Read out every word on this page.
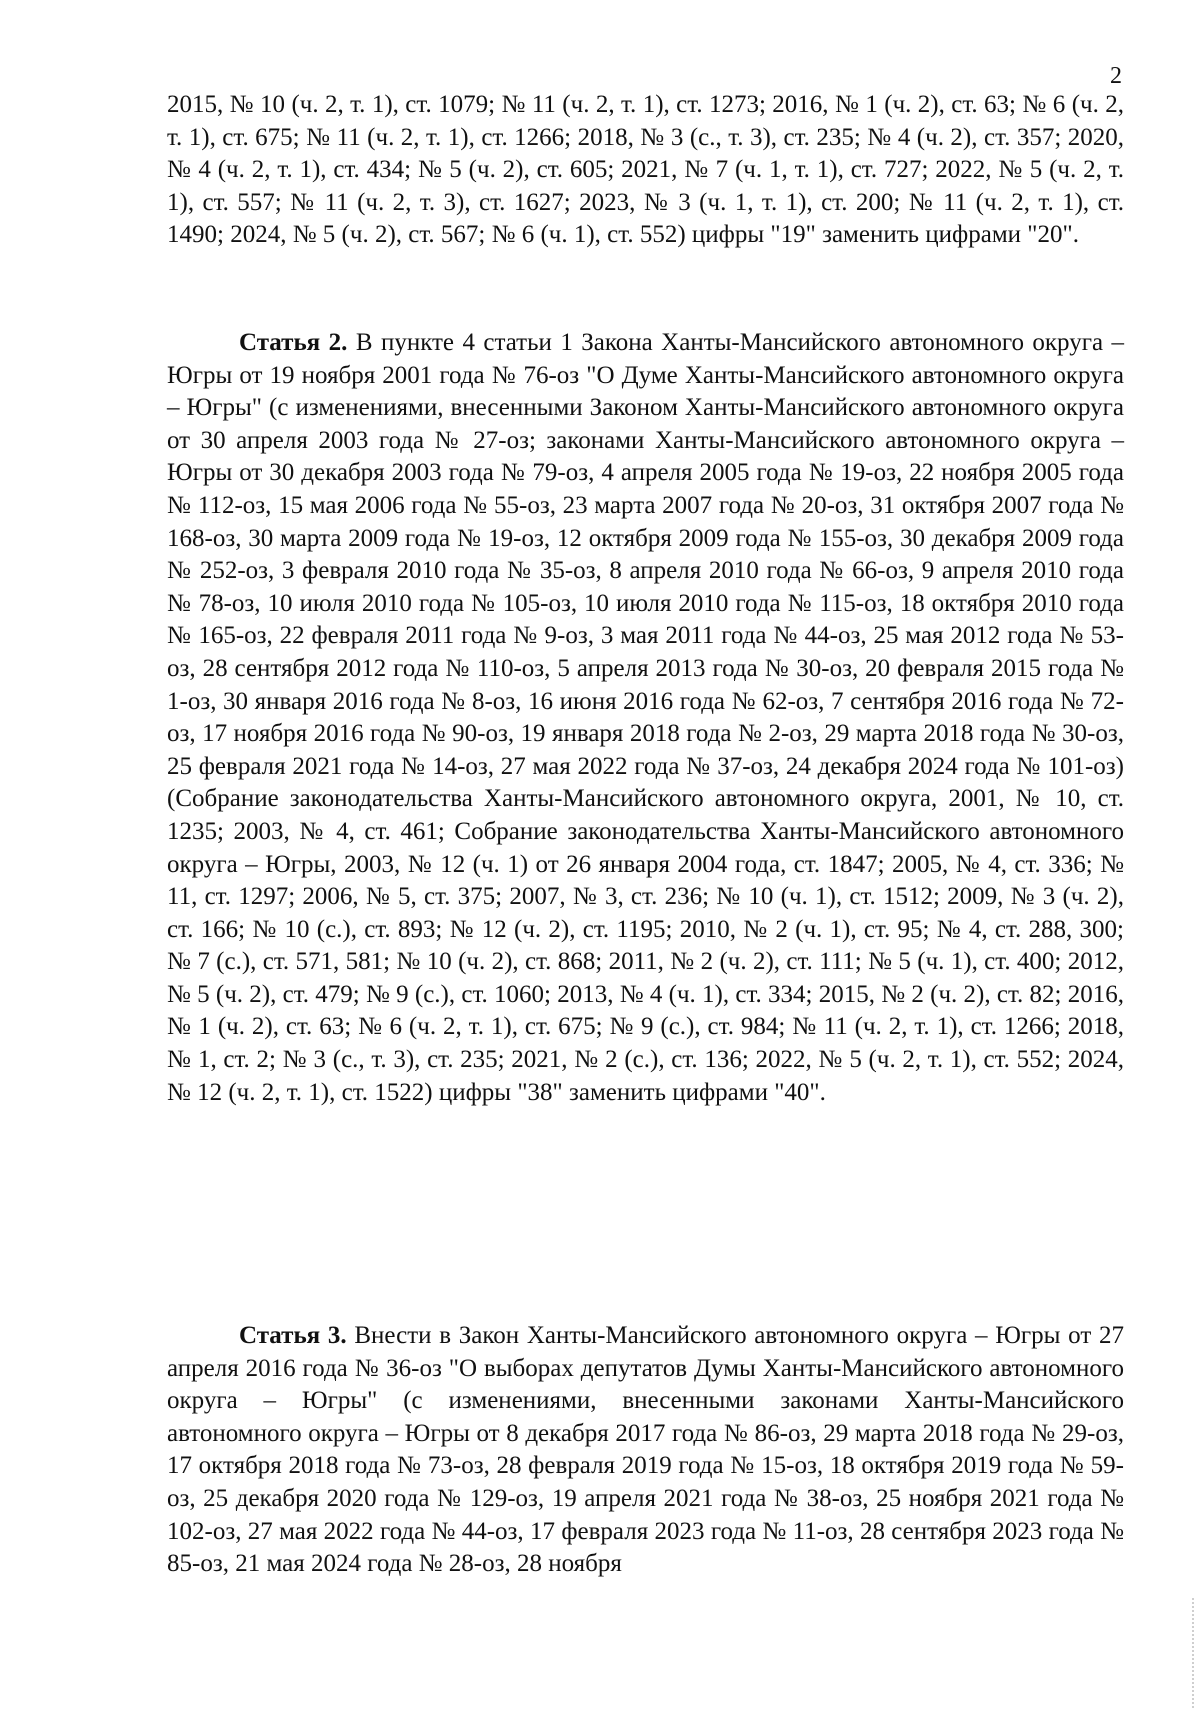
2

2015, № 10 (ч. 2, т. 1), ст. 1079; № 11 (ч. 2, т. 1), ст. 1273; 2016, № 1 (ч. 2), ст. 63; № 6 (ч. 2, т. 1), ст. 675; № 11 (ч. 2, т. 1), ст. 1266; 2018, № 3 (с., т. 3), ст. 235; № 4 (ч. 2), ст. 357; 2020, № 4 (ч. 2, т. 1), ст. 434; № 5 (ч. 2), ст. 605; 2021, № 7 (ч. 1, т. 1), ст. 727; 2022, № 5 (ч. 2, т. 1), ст. 557; № 11 (ч. 2, т. 3), ст. 1627; 2023, № 3 (ч. 1, т. 1), ст. 200; № 11 (ч. 2, т. 1), ст. 1490; 2024, № 5 (ч. 2), ст. 567; № 6 (ч. 1), ст. 552) цифры "19" заменить цифрами "20".

Статья 2. В пункте 4 статьи 1 Закона Ханты-Мансийского автономного округа – Югры от 19 ноября 2001 года № 76-оз "О Думе Ханты-Мансийского автономного округа – Югры" (с изменениями, внесенными Законом Ханты-Мансийского автономного округа от 30 апреля 2003 года № 27-оз; законами Ханты-Мансийского автономного округа – Югры от 30 декабря 2003 года № 79-оз, 4 апреля 2005 года № 19-оз, 22 ноября 2005 года № 112-оз, 15 мая 2006 года № 55-оз, 23 марта 2007 года № 20-оз, 31 октября 2007 года № 168-оз, 30 марта 2009 года № 19-оз, 12 октября 2009 года № 155-оз, 30 декабря 2009 года № 252-оз, 3 февраля 2010 года № 35-оз, 8 апреля 2010 года № 66-оз, 9 апреля 2010 года № 78-оз, 10 июля 2010 года № 105-оз, 10 июля 2010 года № 115-оз, 18 октября 2010 года № 165-оз, 22 февраля 2011 года № 9-оз, 3 мая 2011 года № 44-оз, 25 мая 2012 года № 53-оз, 28 сентября 2012 года № 110-оз, 5 апреля 2013 года № 30-оз, 20 февраля 2015 года № 1-оз, 30 января 2016 года № 8-оз, 16 июня 2016 года № 62-оз, 7 сентября 2016 года № 72-оз, 17 ноября 2016 года № 90-оз, 19 января 2018 года № 2-оз, 29 марта 2018 года № 30-оз, 25 февраля 2021 года № 14-оз, 27 мая 2022 года № 37-оз, 24 декабря 2024 года № 101-оз) (Собрание законодательства Ханты-Мансийского автономного округа, 2001, № 10, ст. 1235; 2003, № 4, ст. 461; Собрание законодательства Ханты-Мансийского автономного округа – Югры, 2003, № 12 (ч. 1) от 26 января 2004 года, ст. 1847; 2005, № 4, ст. 336; № 11, ст. 1297; 2006, № 5, ст. 375; 2007, № 3, ст. 236; № 10 (ч. 1), ст. 1512; 2009, № 3 (ч. 2), ст. 166; № 10 (с.), ст. 893; № 12 (ч. 2), ст. 1195; 2010, № 2 (ч. 1), ст. 95; № 4, ст. 288, 300; № 7 (с.), ст. 571, 581; № 10 (ч. 2), ст. 868; 2011, № 2 (ч. 2), ст. 111; № 5 (ч. 1), ст. 400; 2012, № 5 (ч. 2), ст. 479; № 9 (с.), ст. 1060; 2013, № 4 (ч. 1), ст. 334; 2015, № 2 (ч. 2), ст. 82; 2016, № 1 (ч. 2), ст. 63; № 6 (ч. 2, т. 1), ст. 675; № 9 (с.), ст. 984; № 11 (ч. 2, т. 1), ст. 1266; 2018, № 1, ст. 2; № 3 (с., т. 3), ст. 235; 2021, № 2 (с.), ст. 136; 2022, № 5 (ч. 2, т. 1), ст. 552; 2024, № 12 (ч. 2, т. 1), ст. 1522) цифры "38" заменить цифрами "40".

Статья 3. Внести в Закон Ханты-Мансийского автономного округа – Югры от 27 апреля 2016 года № 36-оз "О выборах депутатов Думы Ханты-Мансийского автономного округа – Югры" (с изменениями, внесенными законами Ханты-Мансийского автономного округа – Югры от 8 декабря 2017 года № 86-оз, 29 марта 2018 года № 29-оз, 17 октября 2018 года № 73-оз, 28 февраля 2019 года № 15-оз, 18 октября 2019 года № 59-оз, 25 декабря 2020 года № 129-оз, 19 апреля 2021 года № 38-оз, 25 ноября 2021 года № 102-оз, 27 мая 2022 года № 44-оз, 17 февраля 2023 года № 11-оз, 28 сентября 2023 года № 85-оз, 21 мая 2024 года № 28-оз, 28 ноября
